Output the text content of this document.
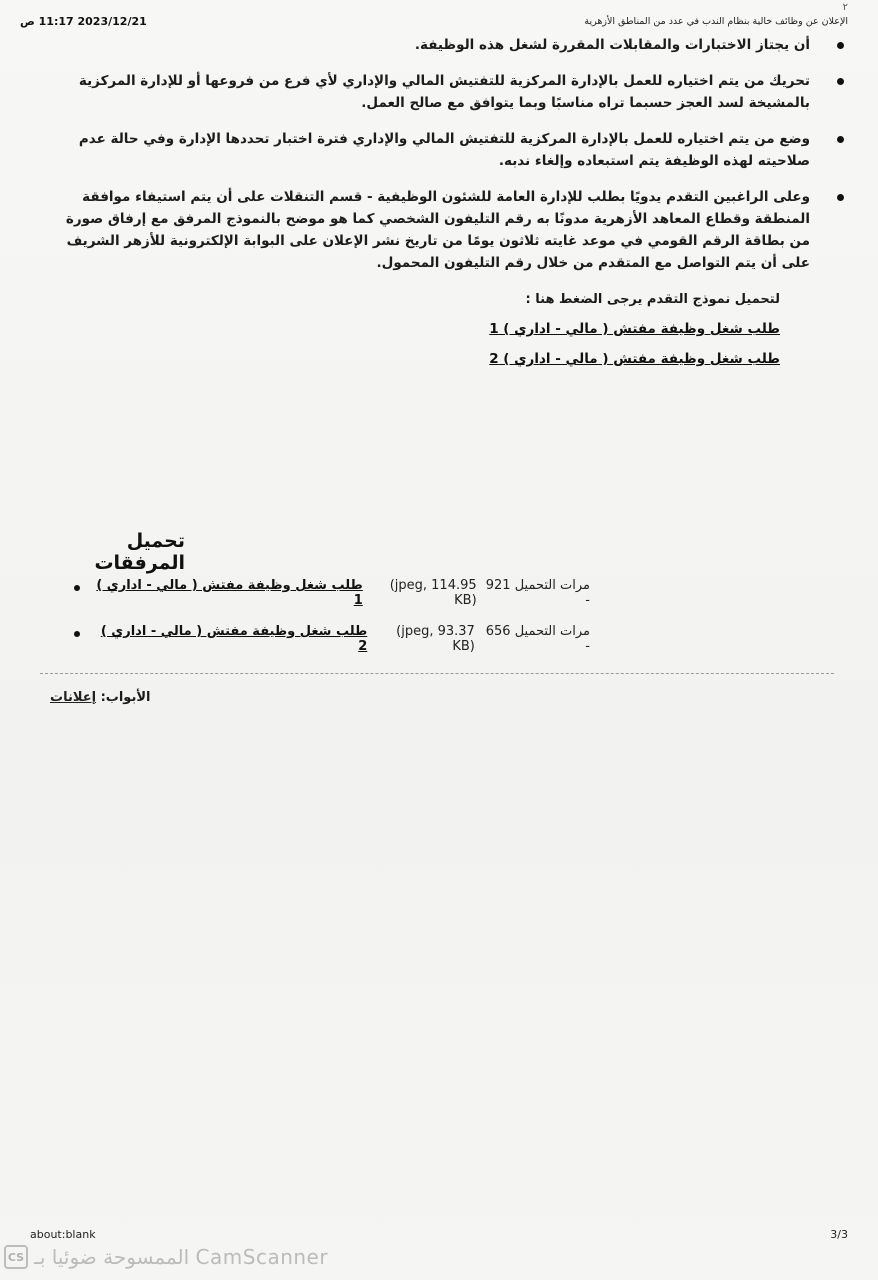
٢
2023/12/21 11:17 ص	الإعلان عن وظائف خالية بنظام الندب في عدد من المناطق الأزهرية
أن يجتاز الاختبارات والمقابلات المقررة لشغل هذه الوظيفة.
تحريك من يتم اختياره للعمل بالإدارة المركزية للتفتيش المالي والإداري لأي فرع من فروعها أو للإدارة المركزية بالمشيخة لسد العجز حسبما تراه مناسبًا وبما يتوافق مع صالح العمل.
وضع من يتم اختياره للعمل بالإدارة المركزية للتفتيش المالي والإداري فترة اختبار تحددها الإدارة وفي حالة عدم صلاحيته لهذه الوظيفة يتم استبعاده وإلغاء ندبه.
وعلى الراغبين التقدم يدويًا بطلب للإدارة العامة للشئون الوظيفية - قسم التنقلات على أن يتم استيفاء موافقة المنطقة وقطاع المعاهد الأزهرية مدونًا به رقم التليفون الشخصي كما هو موضح بالنموذج المرفق مع إرفاق صورة من بطاقة الرقم القومي في موعد غايته ثلاثون يومًا من تاريخ نشر الإعلان على البوابة الإلكترونية للأزهر الشريف على أن يتم التواصل مع المتقدم من خلال رقم التليفون المحمول.
لتحميل نموذج التقدم يرجى الضغط هنا :
طلب شغل وظيفة مفتش ( مالي - اداري ) 1
طلب شغل وظيفة مفتش ( مالي - اداري ) 2
تحميل المرفقات
مرات التحميل 921 -
(jpeg, 114.95 KB)
طلب شغل وظيفة مفتش ( مالي - اداري ) 1
مرات التحميل 656 -
(jpeg, 93.37 KB)
طلب شغل وظيفة مفتش ( مالي - اداري ) 2
الأبواب: إعلانات
about:blank	3/3
CS الممسوحة ضوئيا بـ CamScanner
